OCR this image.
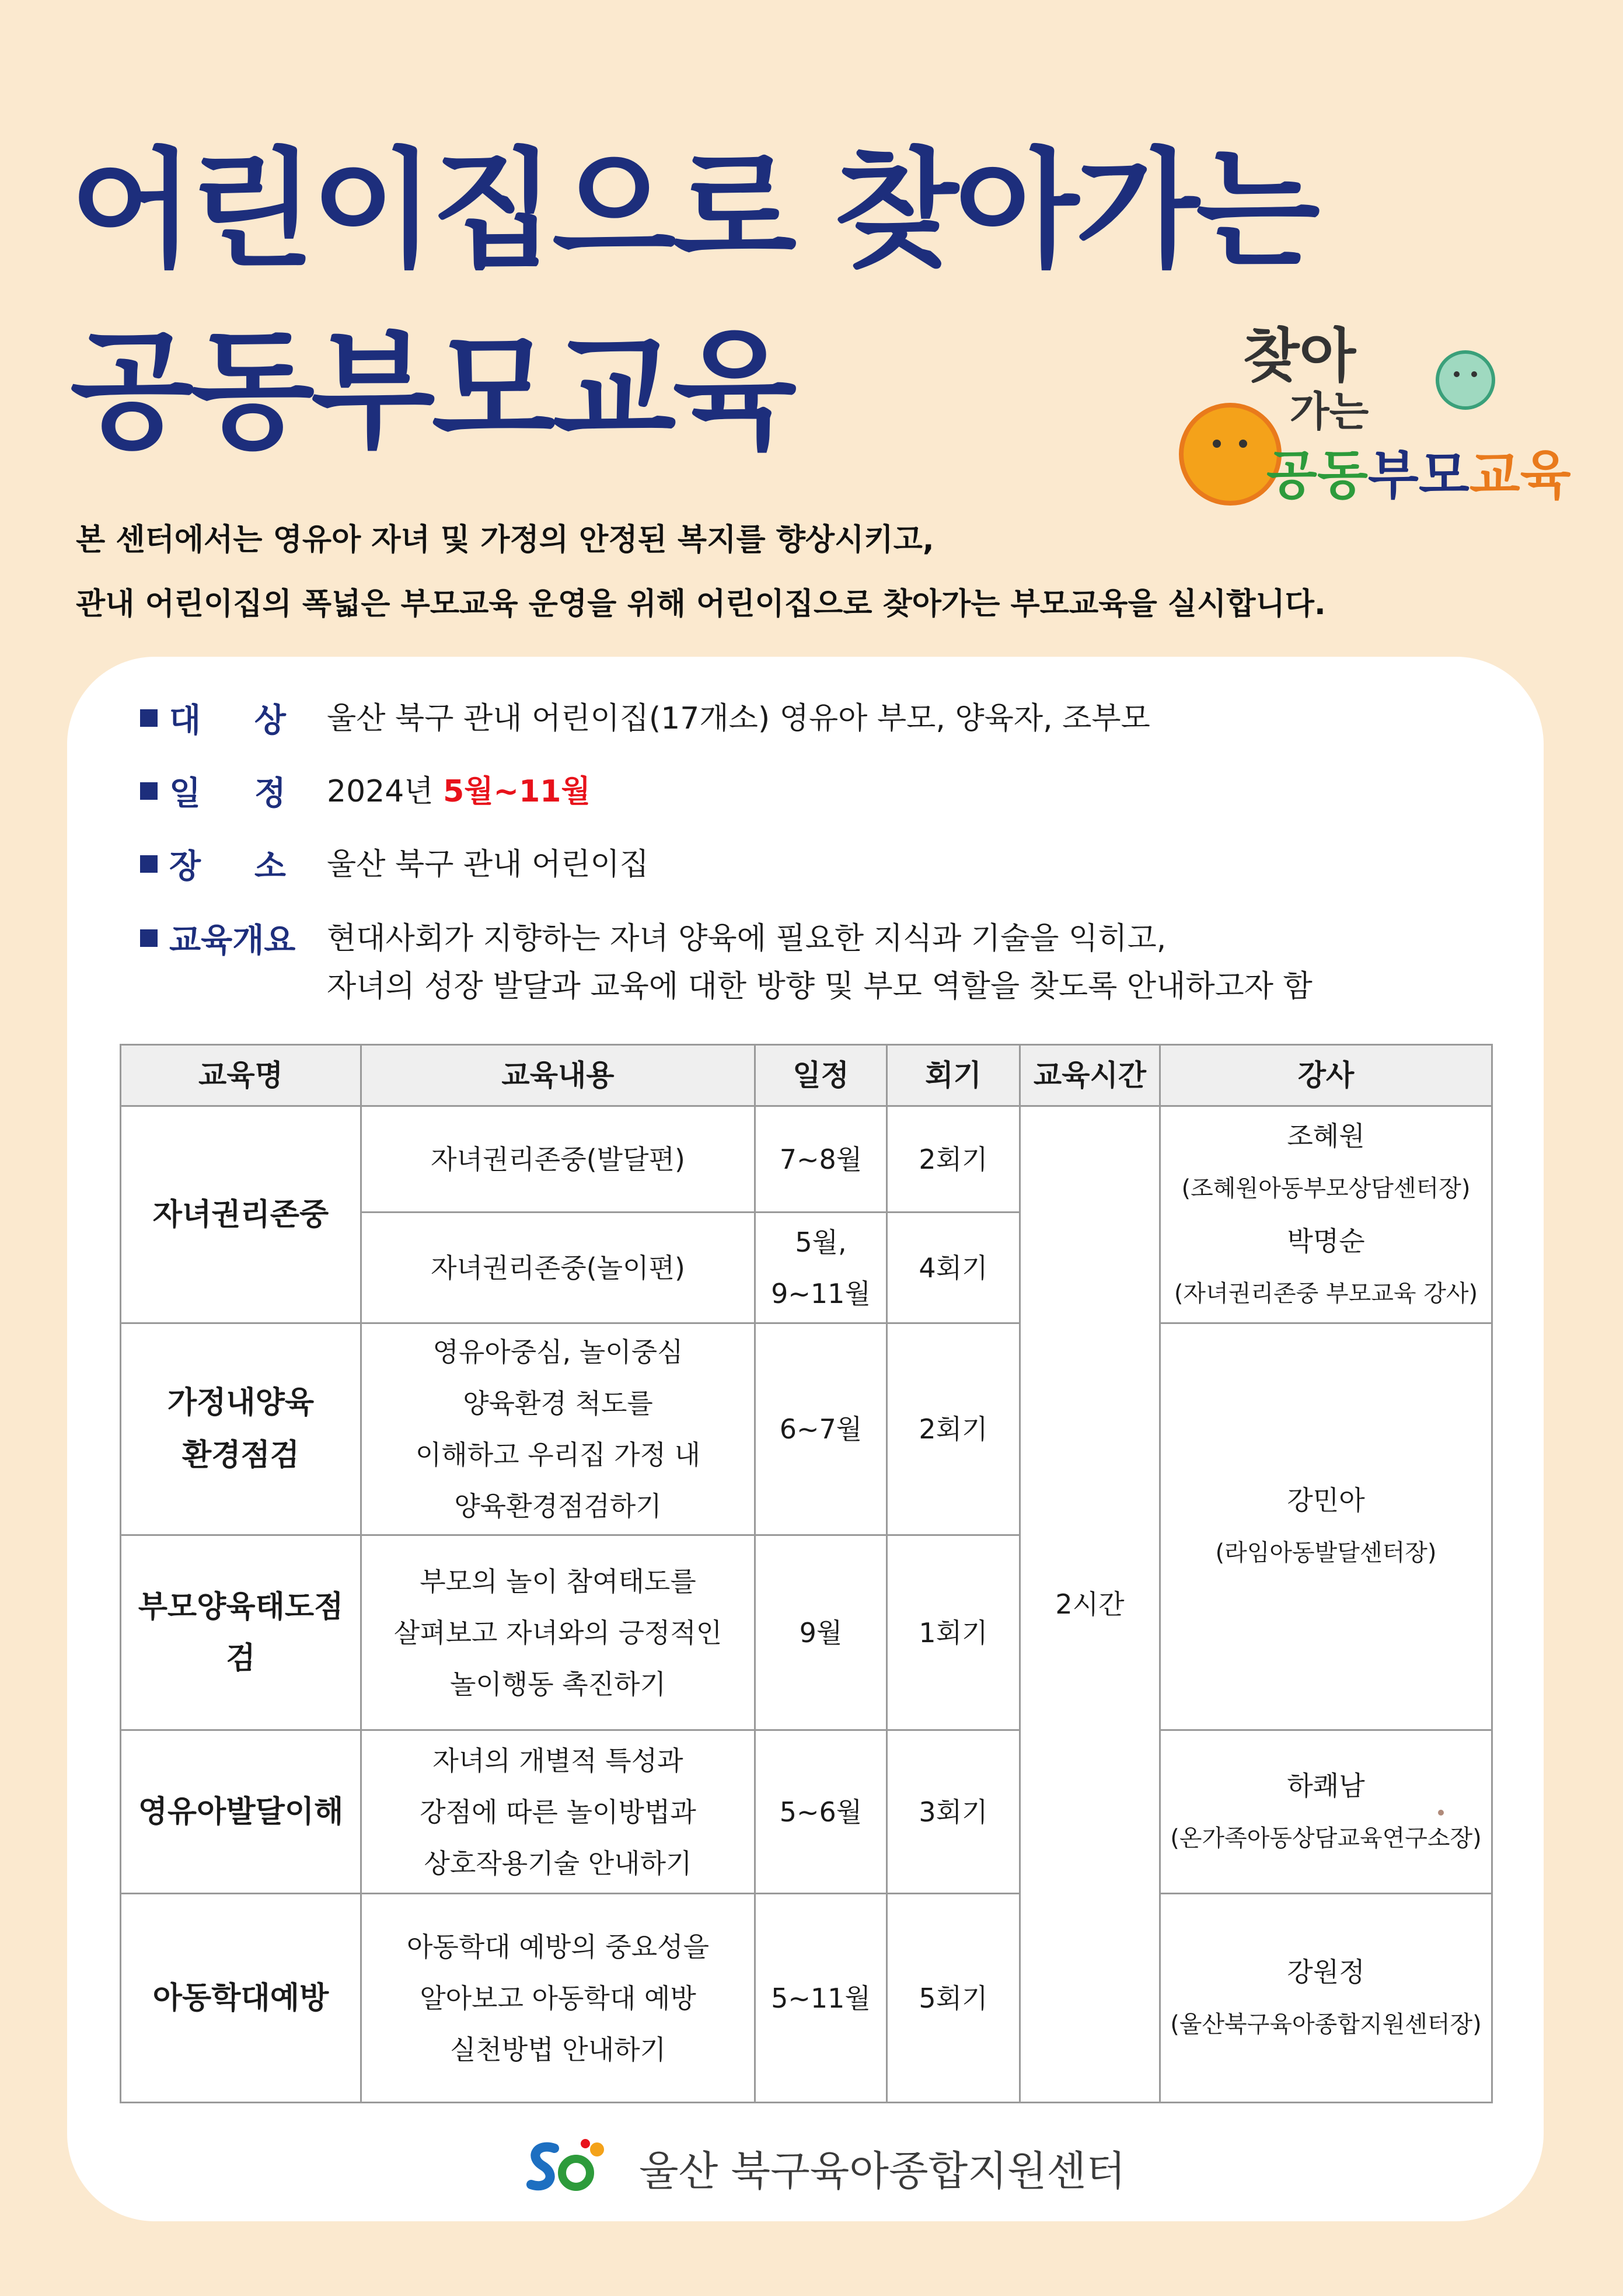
어린이집으로 찾아가는
공동부모교육	찾아
가는
공동부모교육

본 센터에서는 영유아 자녀 및 가정의 안정된 복지를 향상시키고,

관내 어린이집의 폭넓은 부모교육 운영을 위해 어린이집으로 찾아가는 부모교육을 실시합니다.

대 상 울산 북구 관내 어린이집(17개소) 영유아 부모, 양육자, 조부모
일 정 2024년 5월~11월
장 소 울산 북구 관내 어린이집
교육개요	현대사회가 지향하는 자녀 양육에 필요한 지식과 기술을 익히고,

자녀의 성장 발달과 교육에 대한 방향 및 부모 역할을 찾도록 안내하고자 함

교육명	교육내용	일정	회기	교육시간	강사
자녀권리존중	자녀권리존중(발달편)	7~8월	2회기	2시간	조혜원
(조혜원아동부모상담센터장)
박명순
(자녀권리존중 부모교육 강사)

	자녀권리존중(놀이편)	5월,
9~11월	4회기		

가정내양육
환경점검	영유아중심, 놀이중심
양육환경 척도를
이해하고 우리집 가정 내
양육환경점검하기	6~7월	2회기		강민아
(라임아동발달센터장)

부모양육태도점검	부모의 놀이 참여태도를
살펴보고 자녀와의 긍정적인
놀이행동 촉진하기	9월	1회기		
영유아발달이해	자녀의 개별적 특성과
강점에 따른 놀이방법과
상호작용기술 안내하기	5~6월	3회기		하쾌남
(온가족아동상담교육연구소장)

아동학대예방	아동학대 예방의 중요성을
알아보고 아동학대 예방
실천방법 안내하기	5~11월	5회기		강원정
(울산북구육아종합지원센터장)
울산 북구육아종합지원센터
